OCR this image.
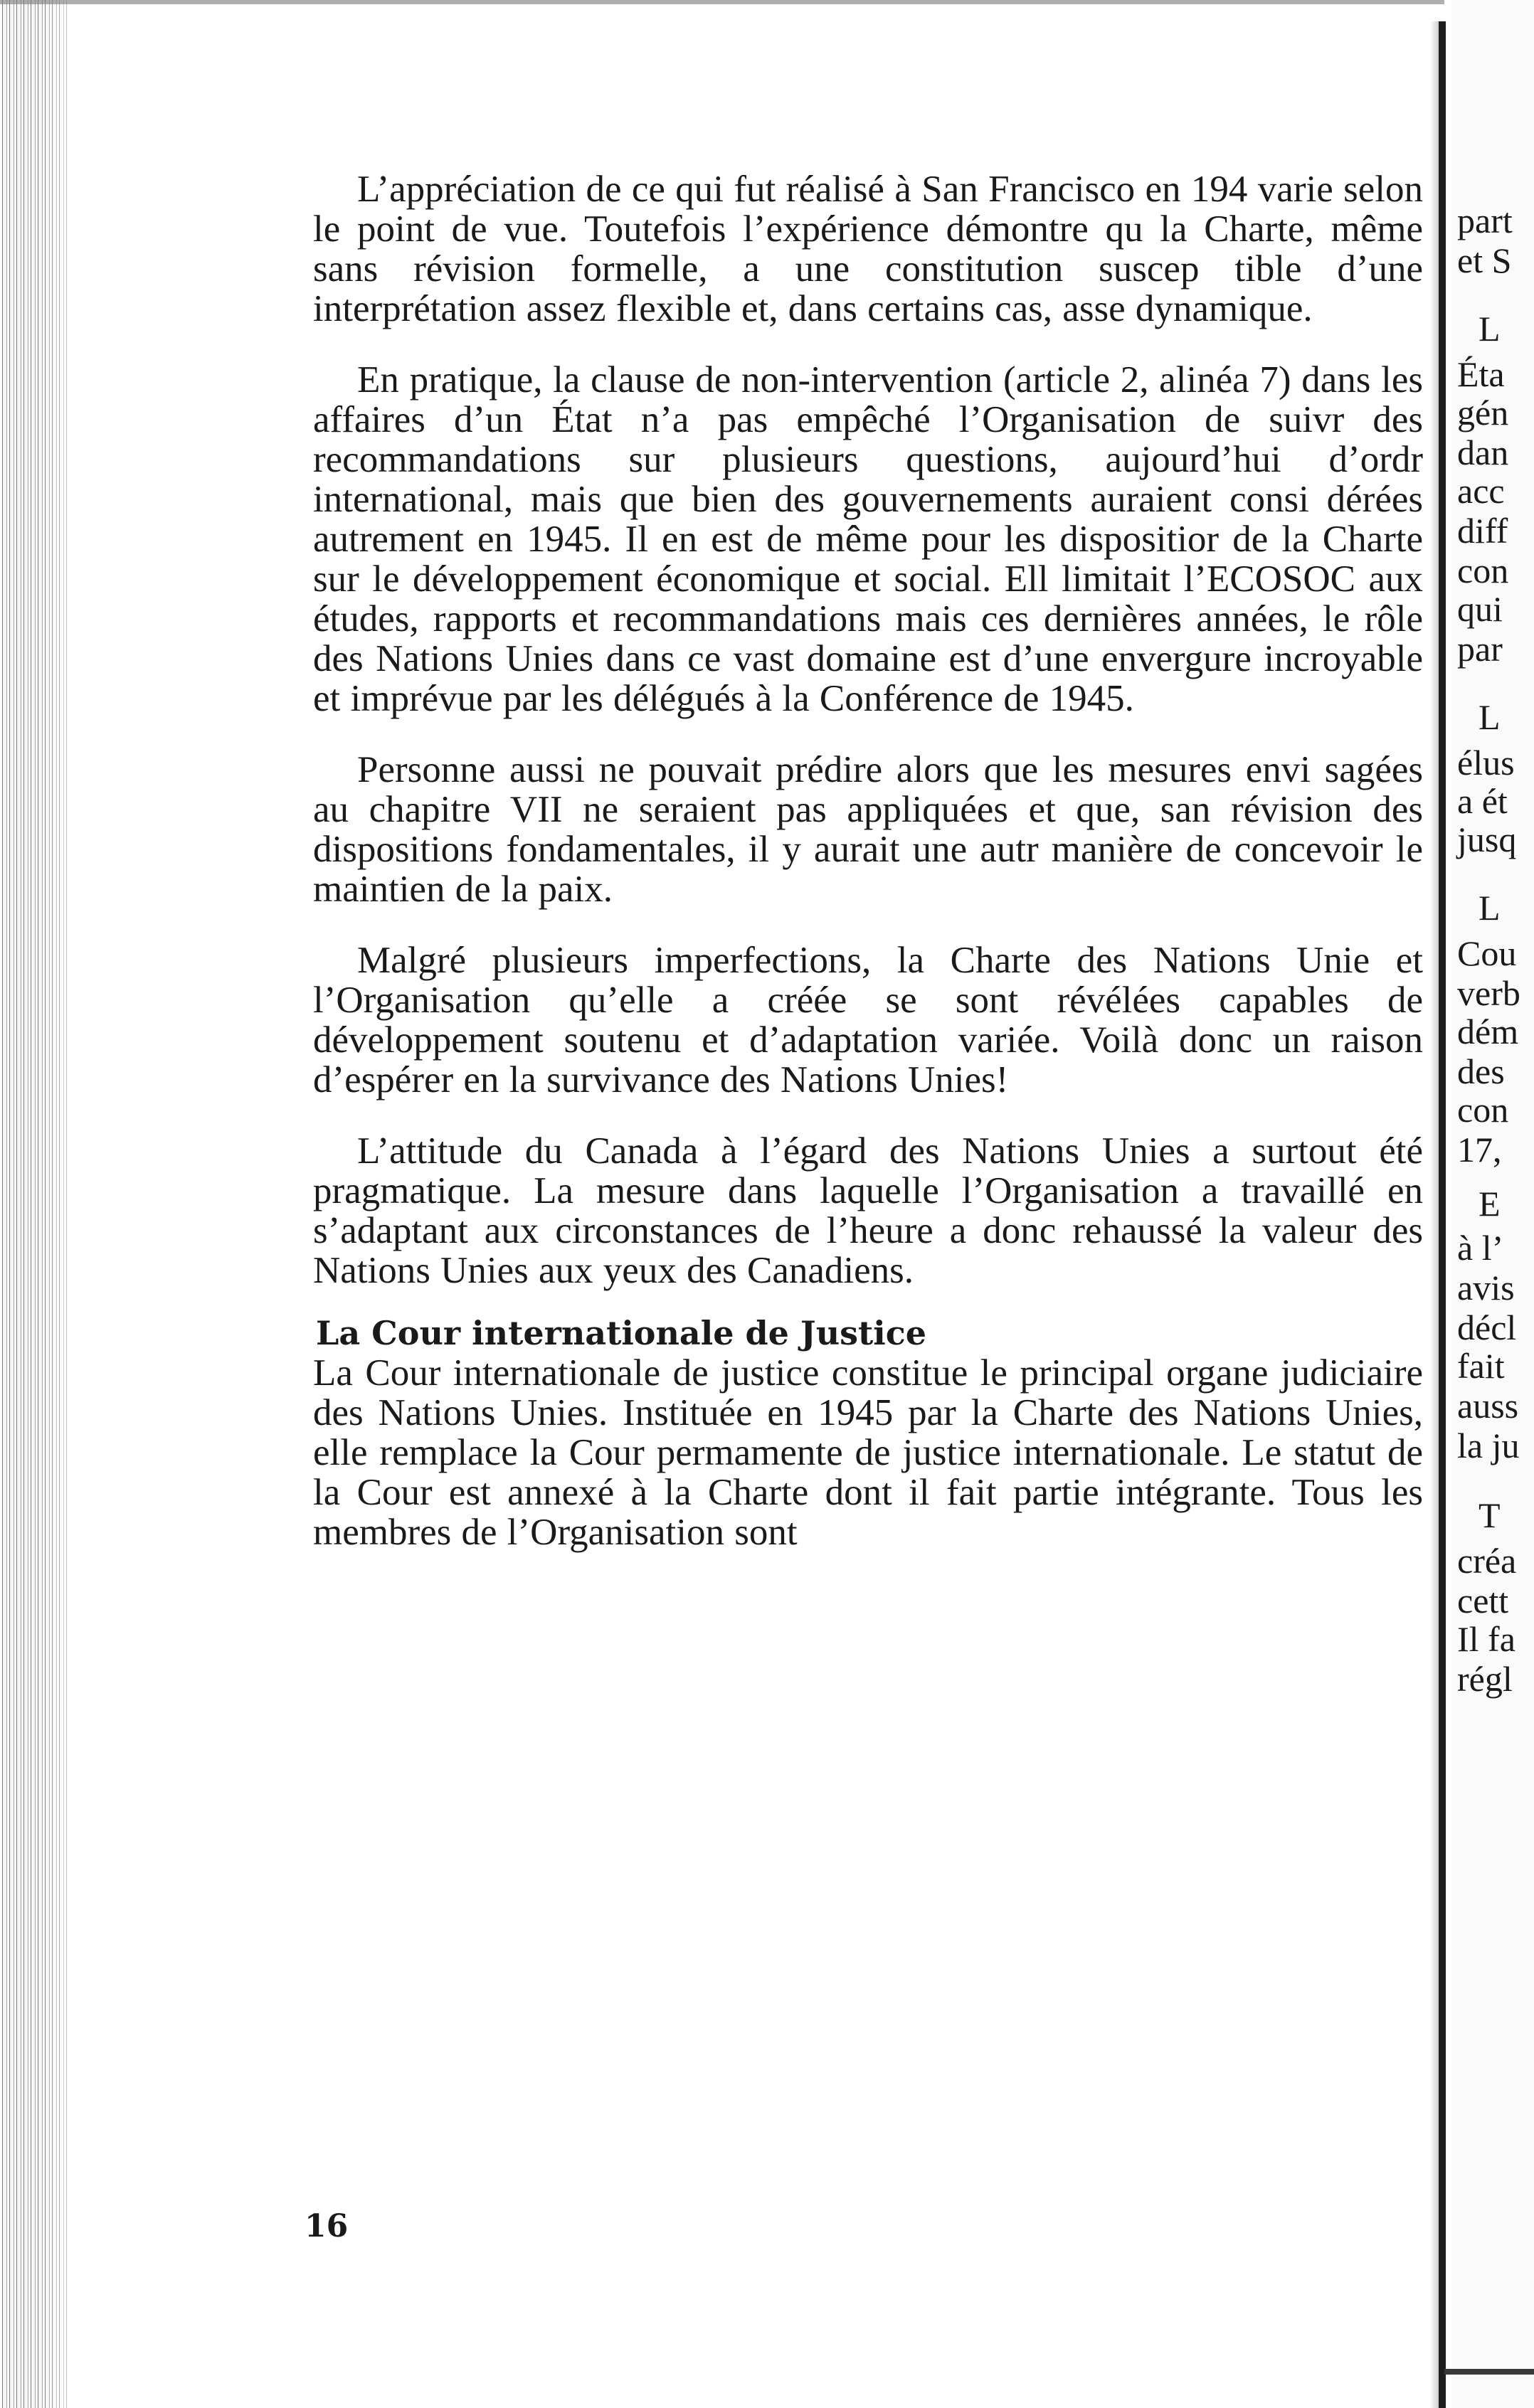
L’appréciation de ce qui fut réalisé à San Francisco en 194 varie selon le point de vue. Toutefois l’expérience démontre qu la Charte, même sans révision formelle, a une constitution suscep tible d’une interprétation assez flexible et, dans certains cas, asse dynamique.

En pratique, la clause de non-intervention (article 2, alinéa 7) dans les affaires d’un État n’a pas empêché l’Organisation de suivr des recommandations sur plusieurs questions, aujourd’hui d’ordr international, mais que bien des gouvernements auraient consi dérées autrement en 1945. Il en est de même pour les dispositior de la Charte sur le développement économique et social. Ell limitait l’ECOSOC aux études, rapports et recommandations mais ces dernières années, le rôle des Nations Unies dans ce vast domaine est d’une envergure incroyable et imprévue par les délégués à la Conférence de 1945.

Personne aussi ne pouvait prédire alors que les mesures envi sagées au chapitre VII ne seraient pas appliquées et que, san révision des dispositions fondamentales, il y aurait une autr manière de concevoir le maintien de la paix.

Malgré plusieurs imperfections, la Charte des Nations Unie et l’Organisation qu’elle a créée se sont révélées capables de développement soutenu et d’adaptation variée. Voilà donc un raison d’espérer en la survivance des Nations Unies!

L’attitude du Canada à l’égard des Nations Unies a surtout été pragmatique. La mesure dans laquelle l’Organisation a travaillé en s’adaptant aux circonstances de l’heure a donc rehaussé la valeur des Nations Unies aux yeux des Canadiens.

La Cour internationale de Justice

La Cour internationale de justice constitue le principal organe judiciaire des Nations Unies. Instituée en 1945 par la Charte des Nations Unies, elle remplace la Cour permamente de justice internationale. Le statut de la Cour est annexé à la Charte dont il fait partie intégrante. Tous les membres de l’Organisation sont

16
part
et S
L
Éta
gén
dan
acc
diff
con
qui
par
L
élus
a ét
jusq
L
Cou
verb
dém
des
con
17,
E
à l’
avis
décl
fait
auss
la ju
T
créa
cett
Il fa
régl
